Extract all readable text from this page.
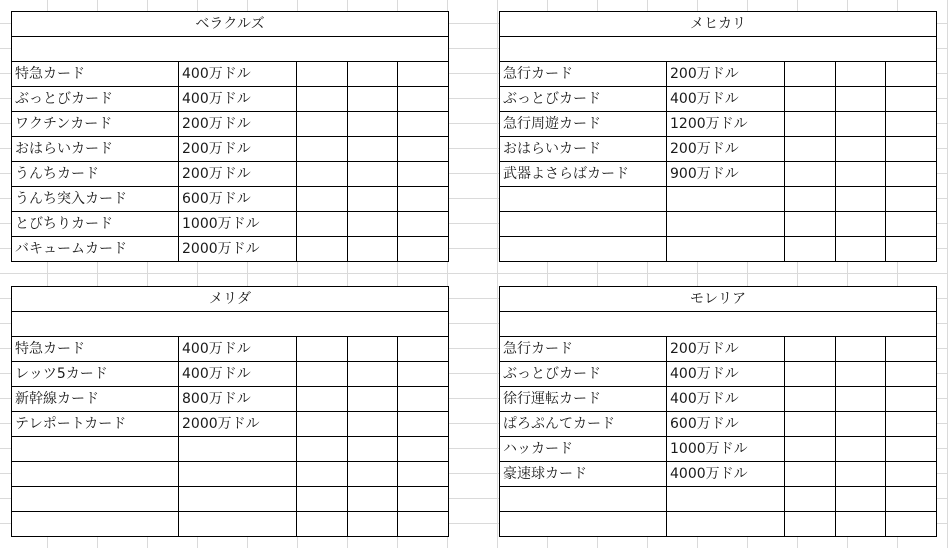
ベラクルズ				

特急カード	400万ドル			
ぶっとびカード	400万ドル			
ワクチンカード	200万ドル			
おはらいカード	200万ドル			
うんちカード	200万ドル			
うんち突入カード	600万ドル			
とびちりカード	1000万ドル			
バキュームカード	2000万ドル			
メヒカリ				

急行カード	200万ドル			
ぶっとびカード	400万ドル			
急行周遊カード	1200万ドル			
おはらいカード	200万ドル			
武器よさらばカード	900万ドル			

メリダ				

特急カード	400万ドル			
レッツ5カード	400万ドル			
新幹線カード	800万ドル			
テレポートカード	2000万ドル			

モレリア				

急行カード	200万ドル			
ぶっとびカード	400万ドル			
徐行運転カード	400万ドル			
ぱろぷんてカード	600万ドル			
ハッカード	1000万ドル			
豪速球カード	4000万ドル			
